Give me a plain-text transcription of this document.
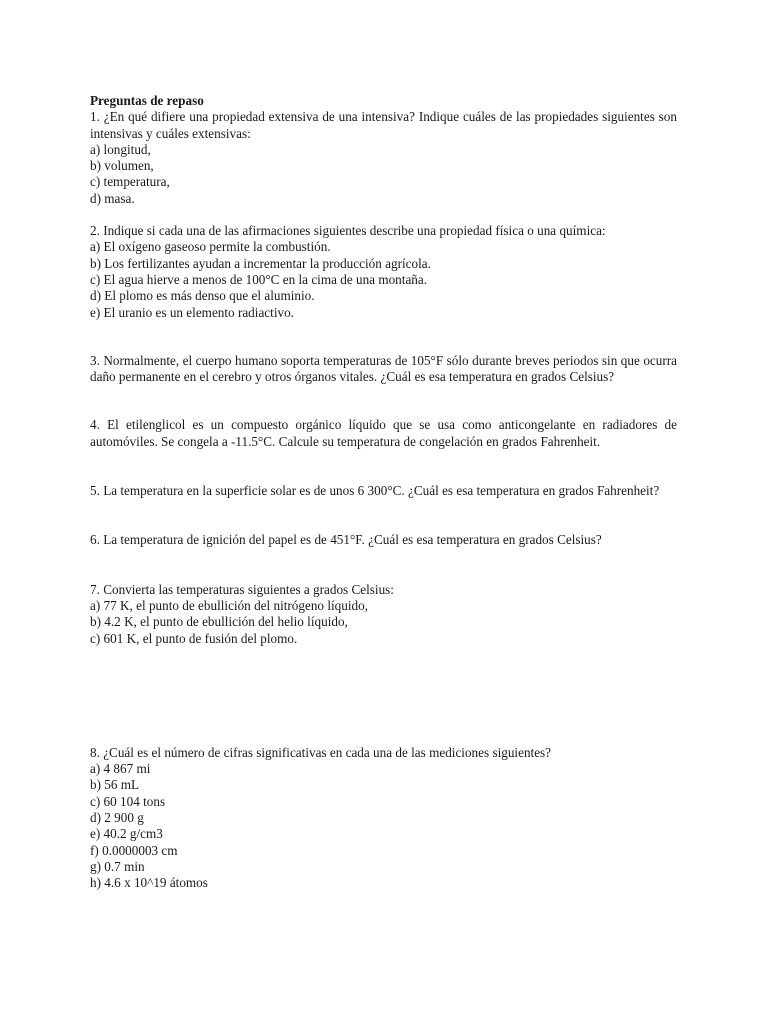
Preguntas de repaso

1. ¿En qué difiere una propiedad extensiva de una intensiva? Indique cuáles de las propiedades siguientes son intensivas y cuáles extensivas:

a) longitud,
b) volumen,
c) temperatura,
d) masa.

2. Indique si cada una de las afirmaciones siguientes describe una propiedad física o una química:

a) El oxígeno gaseoso permite la combustión.
b) Los fertilizantes ayudan a incrementar la producción agrícola.
c) El agua hierve a menos de 100°C en la cima de una montaña.
d) El plomo es más denso que el aluminio.
e) El uranio es un elemento radiactivo.

3. Normalmente, el cuerpo humano soporta temperaturas de 105°F sólo durante breves periodos sin que ocurra daño permanente en el cerebro y otros órganos vitales. ¿Cuál es esa temperatura en grados Celsius?

4. El etilenglicol es un compuesto orgánico líquido que se usa como anticongelante en radiadores de automóviles. Se congela a -11.5°C. Calcule su temperatura de congelación en grados Fahrenheit.

5. La temperatura en la superficie solar es de unos 6 300°C. ¿Cuál es esa temperatura en grados Fahrenheit?

6. La temperatura de ignición del papel es de 451°F. ¿Cuál es esa temperatura en grados Celsius?

7. Convierta las temperaturas siguientes a grados Celsius:

a) 77 K, el punto de ebullición del nitrógeno líquido,
b) 4.2 K, el punto de ebullición del helio líquido,
c) 601 K, el punto de fusión del plomo.

8. ¿Cuál es el número de cifras significativas en cada una de las mediciones siguientes?

a) 4 867 mi
b) 56 mL
c) 60 104 tons
d) 2 900 g
e) 40.2 g/cm3
f) 0.0000003 cm
g) 0.7 min
h) 4.6 x 10^19 átomos
